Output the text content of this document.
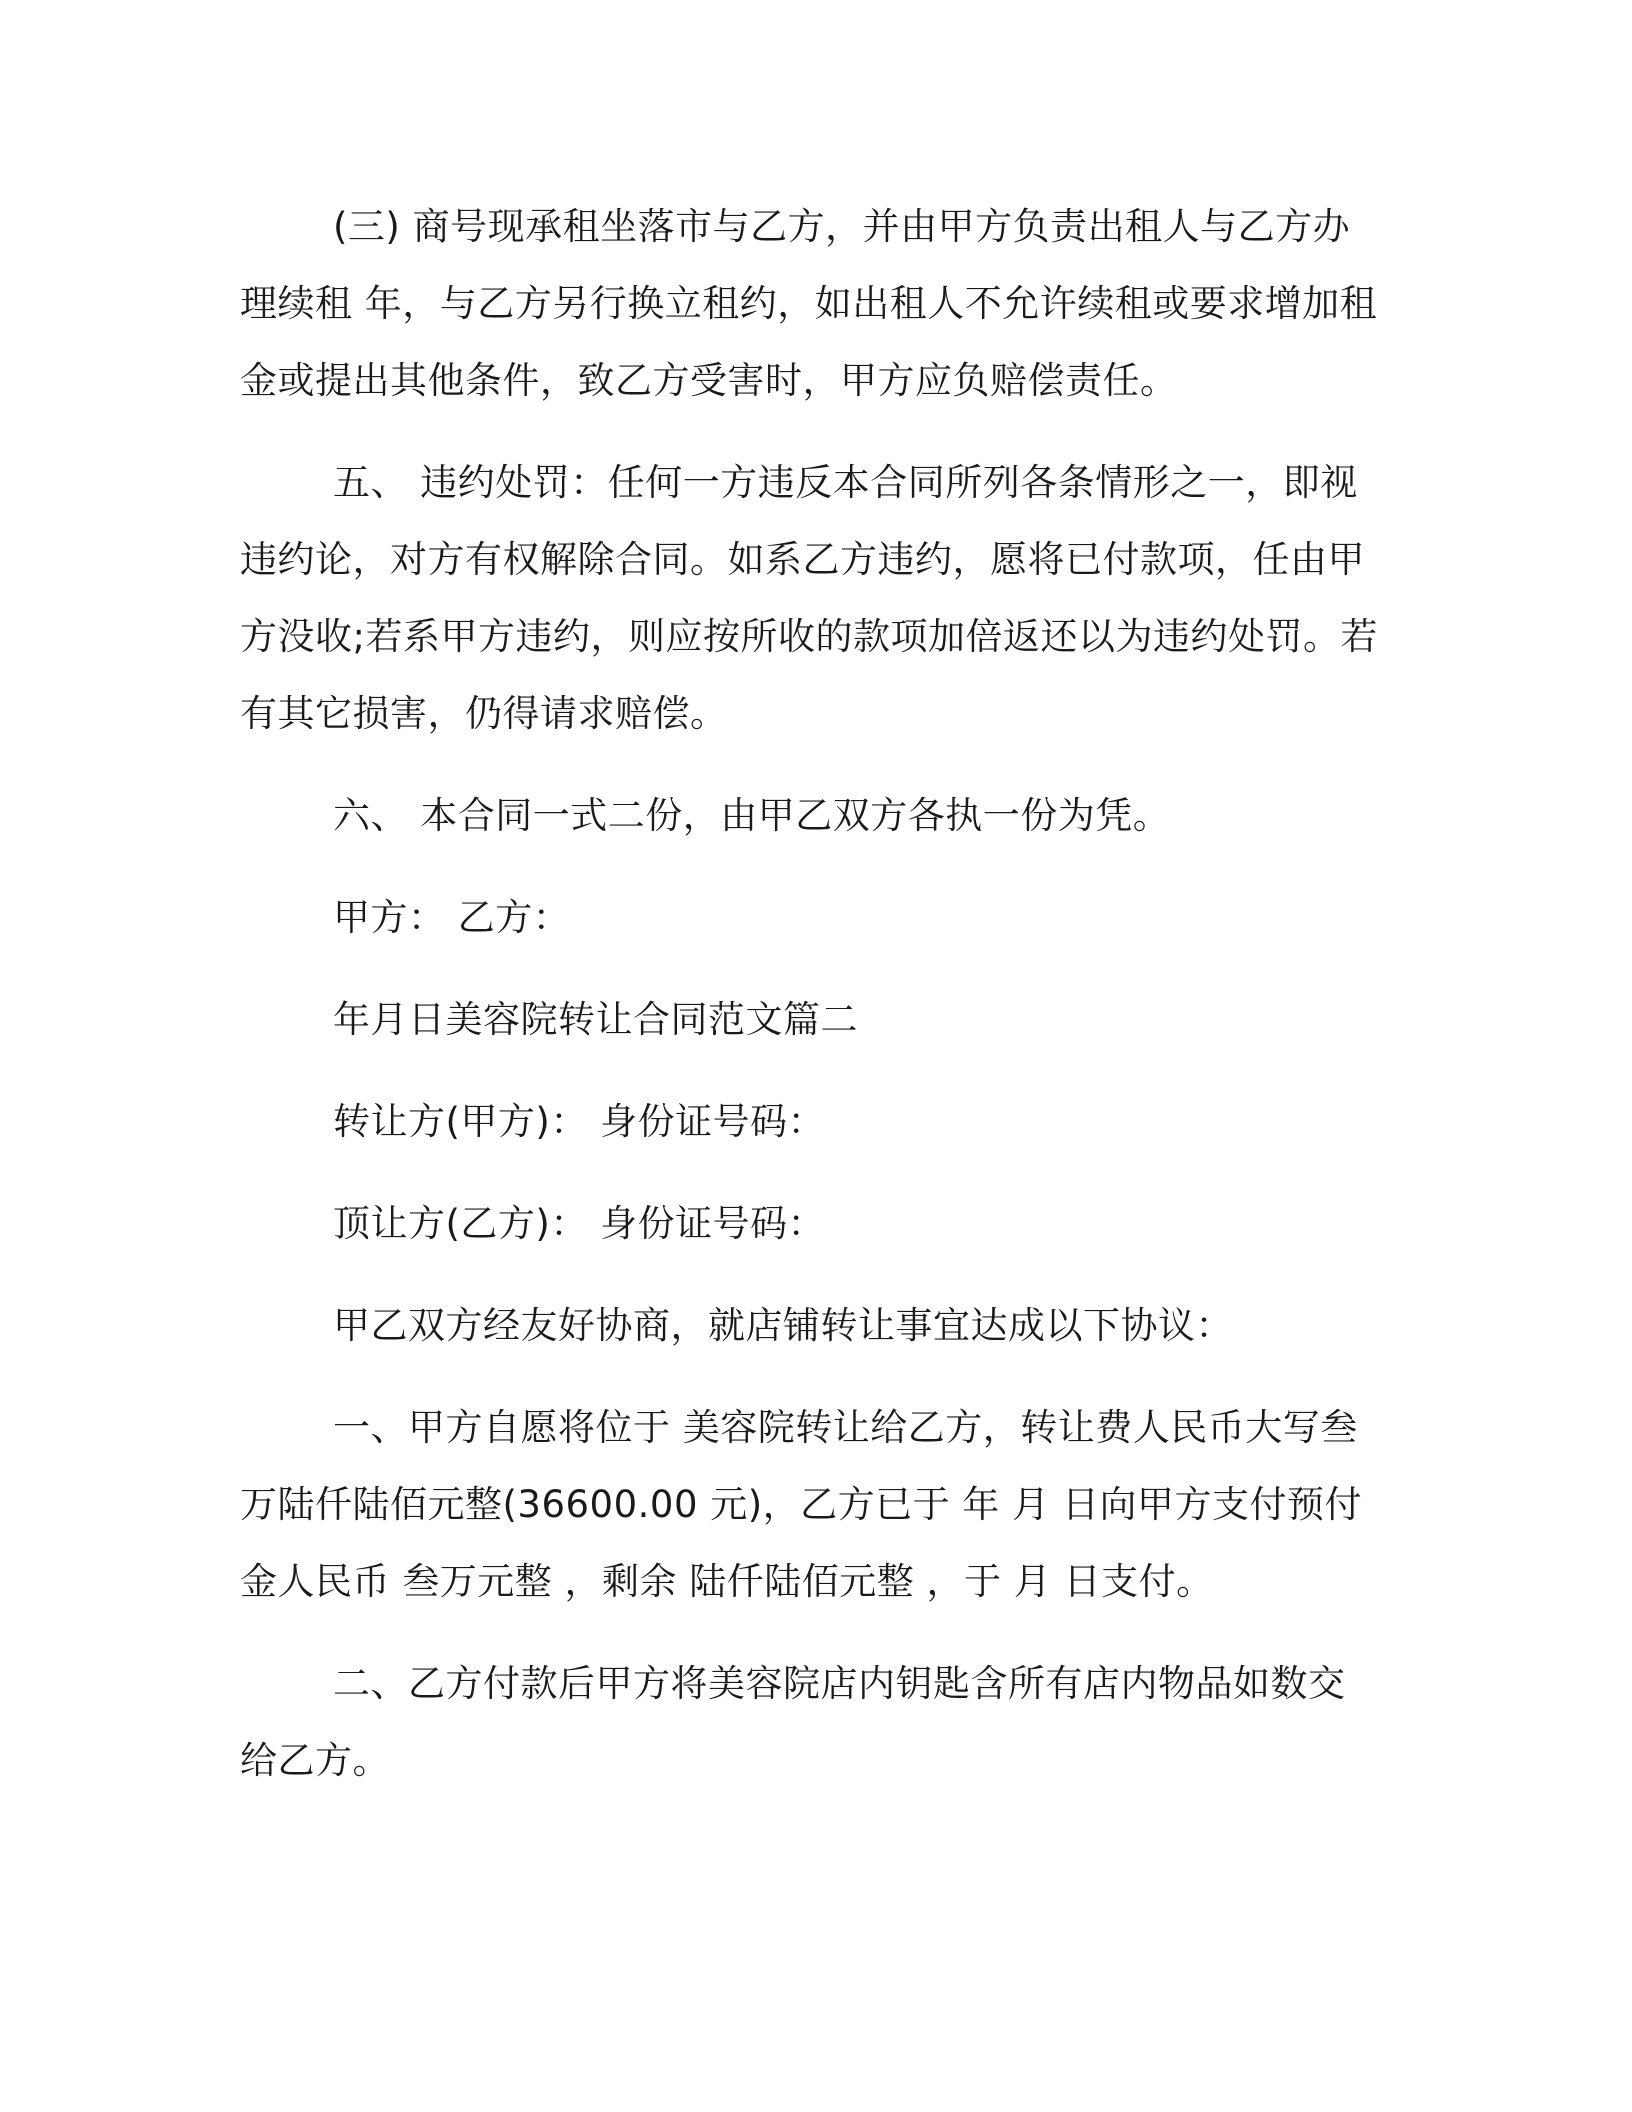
(三) 商号现承租坐落市与乙方，并由甲方负责出租人与乙方办理续租 年，与乙方另行换立租约，如出租人不允许续租或要求增加租金或提出其他条件，致乙方受害时，甲方应负赔偿责任。

五、 违约处罚：任何一方违反本合同所列各条情形之一，即视违约论，对方有权解除合同。如系乙方违约，愿将已付款项，任由甲方没收;若系甲方违约，则应按所收的款项加倍返还以为违约处罚。若有其它损害，仍得请求赔偿。

六、 本合同一式二份，由甲乙双方各执一份为凭。

甲方： 乙方：

年月日美容院转让合同范文篇二

转让方(甲方)： 身份证号码：

顶让方(乙方)： 身份证号码：

甲乙双方经友好协商，就店铺转让事宜达成以下协议：

一、甲方自愿将位于 美容院转让给乙方，转让费人民币大写叁万陆仟陆佰元整(36600.00 元)，乙方已于 年 月 日向甲方支付预付金人民币 叁万元整 ，剩余 陆仟陆佰元整 ，于 月 日支付。

二、乙方付款后甲方将美容院店内钥匙含所有店内物品如数交给乙方。
